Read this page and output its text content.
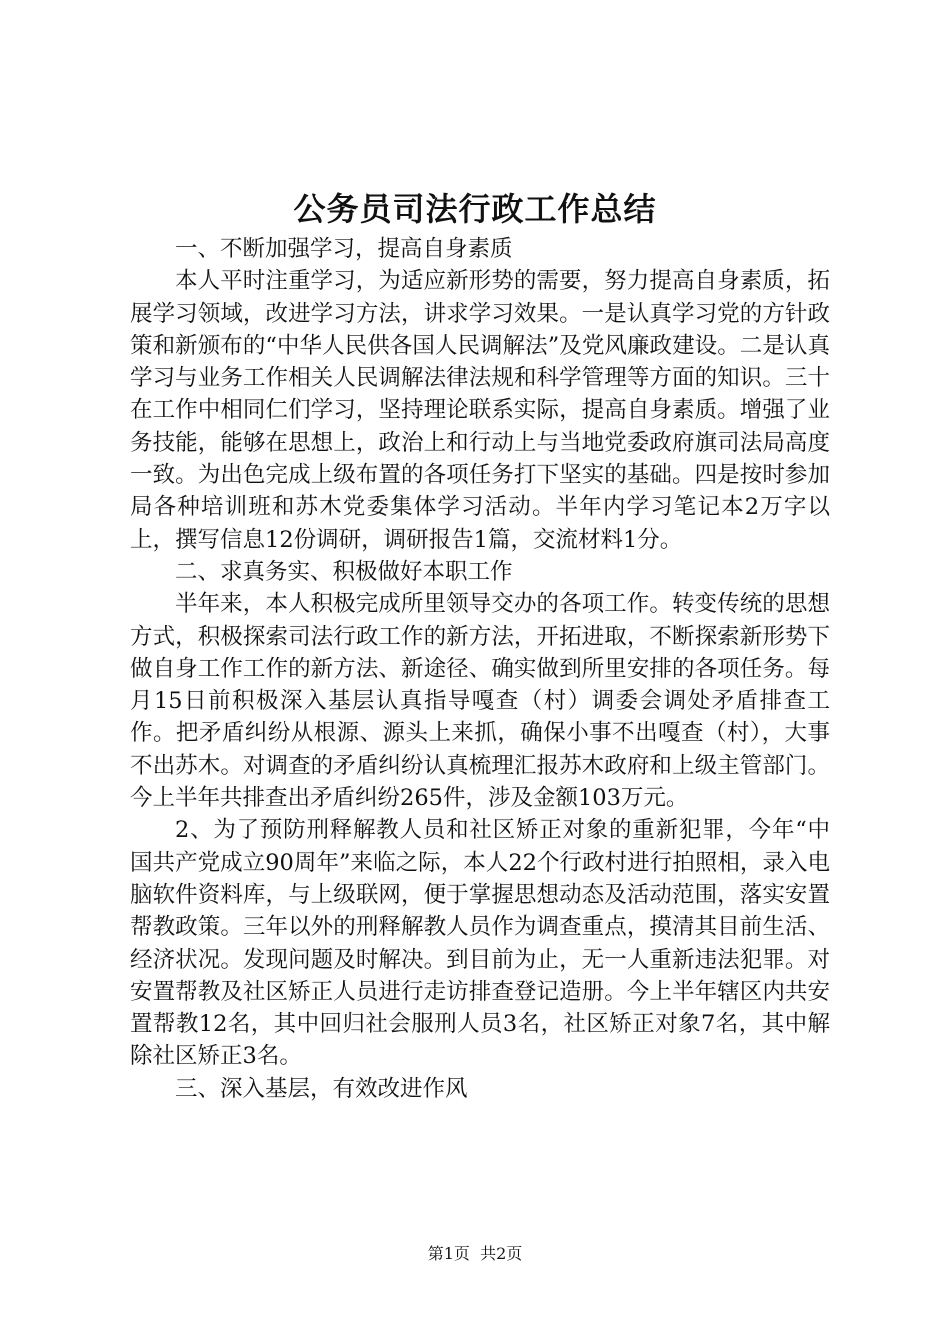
公务员司法行政工作总结

一、不断加强学习，提高自身素质

本人平时注重学习，为适应新形势的需要，努力提高自身素质，拓展学习领域，改进学习方法，讲求学习效果。一是认真学习党的方针政策和新颁布的“中华人民供各国人民调解法”及党风廉政建设。二是认真学习与业务工作相关人民调解法律法规和科学管理等方面的知识。三十在工作中相同仁们学习，坚持理论联系实际，提高自身素质。增强了业务技能，能够在思想上，政治上和行动上与当地党委政府旗司法局高度一致。为出色完成上级布置的各项任务打下坚实的基础。四是按时参加局各种培训班和苏木党委集体学习活动。半年内学习笔记本2万字以上，撰写信息12份调研，调研报告1篇，交流材料1分。

二、求真务实、积极做好本职工作

半年来，本人积极完成所里领导交办的各项工作。转变传统的思想方式，积极探索司法行政工作的新方法，开拓进取，不断探索新形势下做自身工作工作的新方法、新途径、确实做到所里安排的各项任务。每月15日前积极深入基层认真指导嘎查（村）调委会调处矛盾排查工作。把矛盾纠纷从根源、源头上来抓，确保小事不出嘎查（村），大事不出苏木。对调查的矛盾纠纷认真梳理汇报苏木政府和上级主管部门。今上半年共排查出矛盾纠纷265件，涉及金额103万元。

2、为了预防刑释解教人员和社区矫正对象的重新犯罪，今年“中国共产党成立90周年”来临之际，本人22个行政村进行拍照相，录入电脑软件资料库，与上级联网，便于掌握思想动态及活动范围，落实安置帮教政策。三年以外的刑释解教人员作为调查重点，摸清其目前生活、经济状况。发现问题及时解决。到目前为止，无一人重新违法犯罪。对安置帮教及社区矫正人员进行走访排查登记造册。今上半年辖区内共安置帮教12名，其中回归社会服刑人员3名，社区矫正对象7名，其中解除社区矫正3名。

三、深入基层，有效改进作风

第1页  共2页
